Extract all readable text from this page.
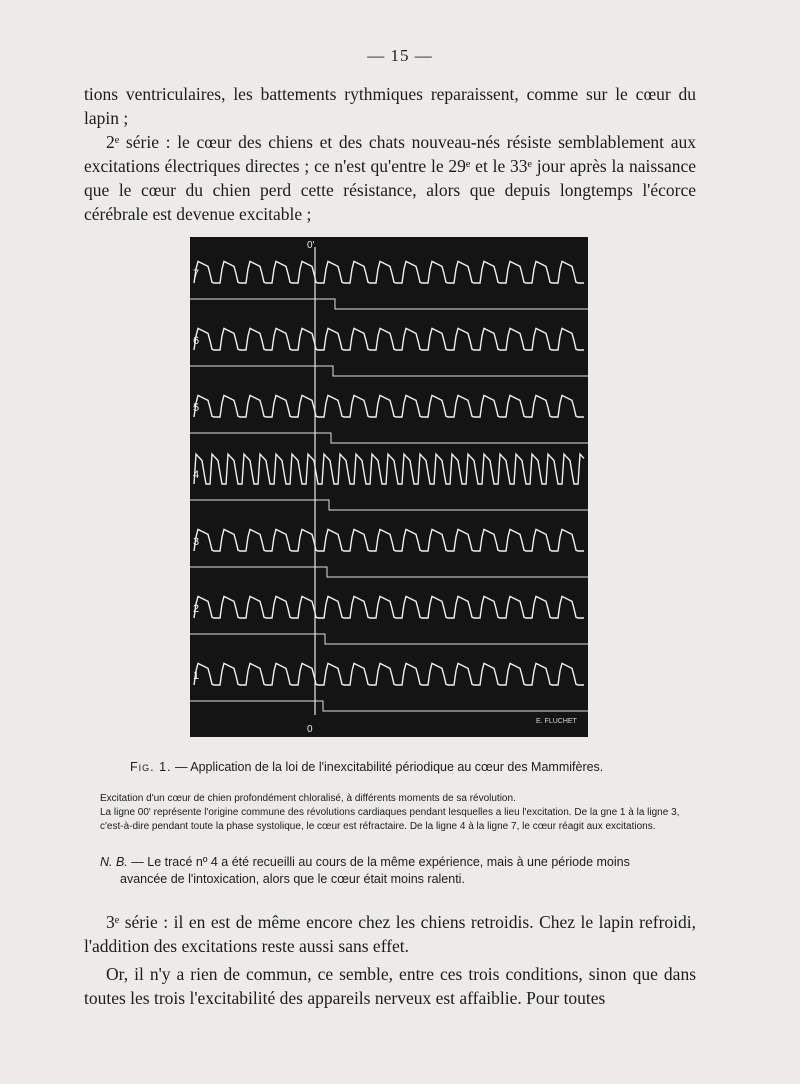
— 15 —

tions ventriculaires, les battements rythmiques reparaissent, comme sur le cœur du lapin ;

2ᵉ série : le cœur des chiens et des chats nouveau-nés résiste semblablement aux excitations électriques directes ; ce n'est qu'entre le 29ᵉ et le 33ᵉ jour après la naissance que le cœur du chien perd cette résistance, alors que depuis longtemps l'écorce cérébrale est devenue excitable ;

7
6
5
4
3
2
1
0'
0
E. FLUCHET
Fig. 1. — Application de la loi de l'inexcitabilité périodique au cœur des Mammifères.
Excitation d'un cœur de chien profondément chloralisé, à différents moments de sa révolution.
La ligne 00' représente l'origine commune des révolutions cardiaques pendant lesquelles a lieu l'excitation. De la gne 1 à la ligne 3, c'est-à-dire pendant toute la phase systolique, le cœur est réfractaire. De la ligne 4 à la ligne 7, le cœur réagit aux excitations.
N. B. — Le tracé nº 4 a été recueilli au cours de la même expérience, mais à une période moins
avancée de l'intoxication, alors que le cœur était moins ralenti.

3ᵉ série : il en est de même encore chez les chiens retroidis. Chez le lapin refroidi, l'addition des excitations reste aussi sans effet.

Or, il n'y a rien de commun, ce semble, entre ces trois conditions, sinon que dans toutes les trois l'excitabilité des appareils nerveux est affaiblie. Pour toutes
